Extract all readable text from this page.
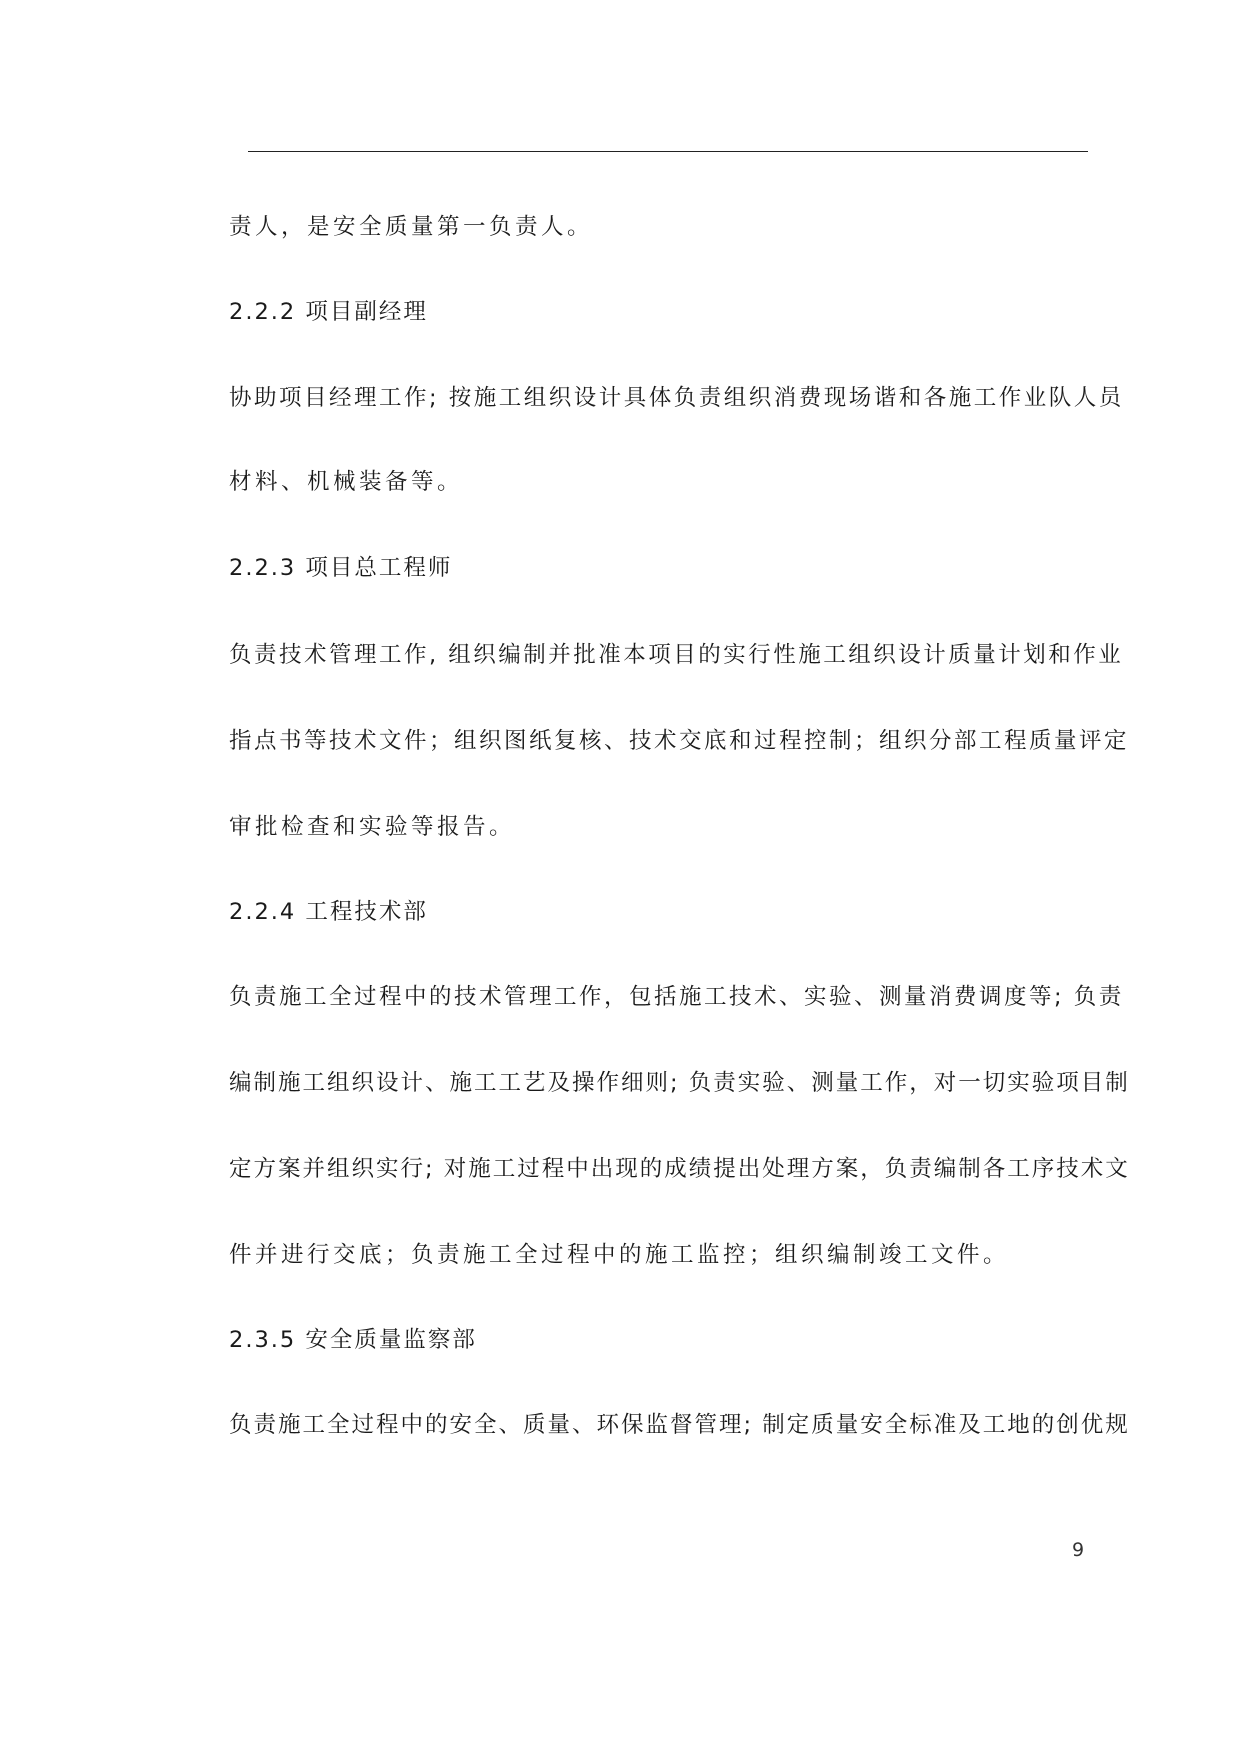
责人，是安全质量第一负责人。
2.2.2 项目副经理
协助项目经理工作; 按施工组织设计具体负责组织消费现场谐和各施工作业队人员
材料、机械装备等。
2.2.3 项目总工程师
负责技术管理工作, 组织编制并批准本项目的实行性施工组织设计质量计划和作业
指点书等技术文件；组织图纸复核、技术交底和过程控制；组织分部工程质量评定
审批检查和实验等报告。
2.2.4 工程技术部
负责施工全过程中的技术管理工作，包括施工技术、实验、测量消费调度等; 负责
编制施工组织设计、施工工艺及操作细则; 负责实验、测量工作，对一切实验项目制
定方案并组织实行; 对施工过程中出现的成绩提出处理方案，负责编制各工序技术文
件并进行交底；负责施工全过程中的施工监控；组织编制竣工文件。
2.3.5 安全质量监察部
负责施工全过程中的安全、质量、环保监督管理; 制定质量安全标准及工地的创优规
9
